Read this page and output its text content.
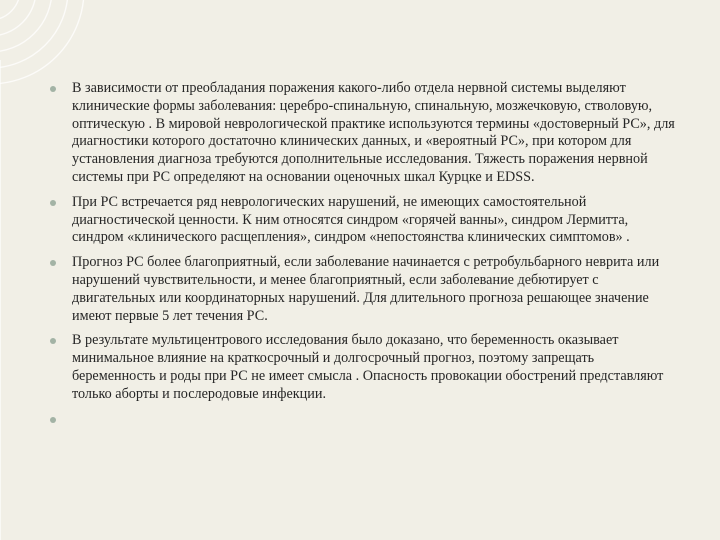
В зависимости от преобладания поражения какого-либо отдела нервной системы выделяют клинические формы заболевания: церебро-спинальную, спинальную, мозжечковую, стволовую, оптическую . В мировой неврологической практике используются термины «достоверный РС», для диагностики которого достаточно клинических данных, и «вероятный РС», при котором для установления диагноза требуются дополнительные исследования. Тяжесть поражения нервной системы при РС определяют на основании оценочных шкал Курцке и EDSS.
При РС встречается ряд неврологических нарушений, не имеющих самостоятельной диагностической ценности. К ним относятся синдром «горячей ванны», синдром Лермитта, синдром «клинического расщепления», синдром «непостоянства клинических симптомов» .
Прогноз РС более благоприятный, если заболевание начинается с ретробульбарного неврита или нарушений чувствительности, и менее благоприятный, если заболевание дебютирует с двигательных или координаторных нарушений. Для длительного прогноза решающее значение имеют первые 5 лет течения РС.
В результате мультицентрового исследования было доказано, что беременность оказывает минимальное влияние на краткосрочный и долгосрочный прогноз, поэтому запрещать беременность и роды при РС не имеет смысла . Опасность провокации обострений представляют только аборты и послеродовые инфекции.
